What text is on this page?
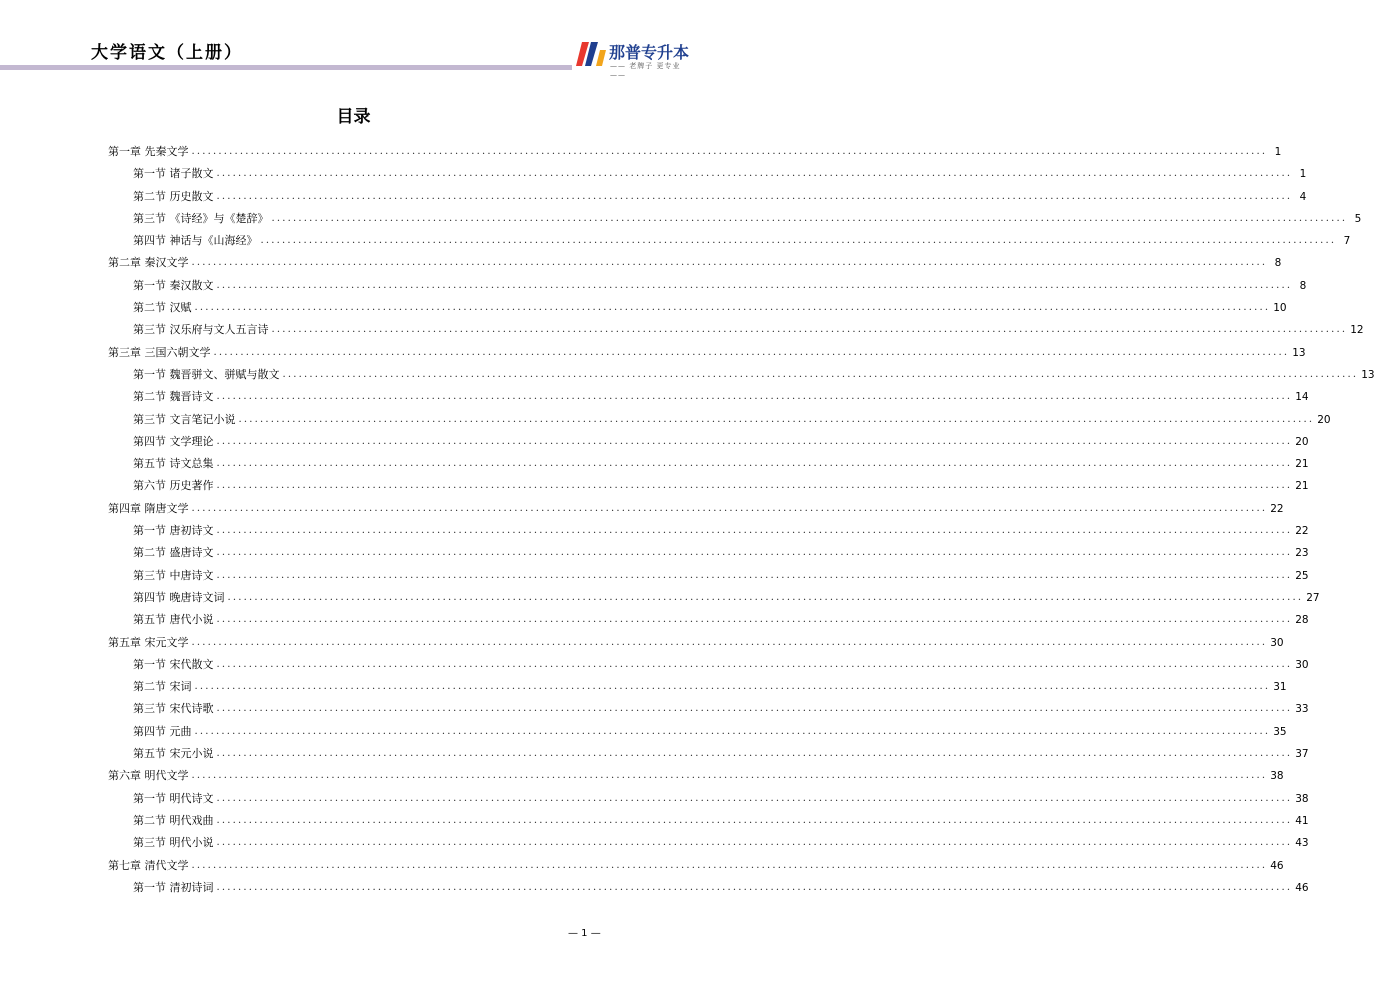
大学语文（上册）	那普专升本
—— 老牌子 更专业 ——
目录
第一章 先秦文学 ........................................................................................................................................................................................................ 1
第一节 诸子散文 ........................................................................................................................................................................................................ 1
第二节 历史散文 ........................................................................................................................................................................................................ 4
第三节 《诗经》与《楚辞》 ........................................................................................................................................................................................................ 5
第四节 神话与《山海经》 ........................................................................................................................................................................................................ 7
第二章 秦汉文学 ........................................................................................................................................................................................................ 8
第一节 秦汉散文 ........................................................................................................................................................................................................ 8
第二节 汉赋 ........................................................................................................................................................................................................ 10
第三节 汉乐府与文人五言诗 ........................................................................................................................................................................................................ 12
第三章 三国六朝文学 ........................................................................................................................................................................................................ 13
第一节 魏晋骈文、骈赋与散文 ........................................................................................................................................................................................................ 13
第二节 魏晋诗文 ........................................................................................................................................................................................................ 14
第三节 文言笔记小说 ........................................................................................................................................................................................................ 20
第四节 文学理论 ........................................................................................................................................................................................................ 20
第五节 诗文总集 ........................................................................................................................................................................................................ 21
第六节 历史著作 ........................................................................................................................................................................................................ 21
第四章 隋唐文学 ........................................................................................................................................................................................................ 22
第一节 唐初诗文 ........................................................................................................................................................................................................ 22
第二节 盛唐诗文 ........................................................................................................................................................................................................ 23
第三节 中唐诗文 ........................................................................................................................................................................................................ 25
第四节 晚唐诗文词 ........................................................................................................................................................................................................ 27
第五节 唐代小说 ........................................................................................................................................................................................................ 28
第五章 宋元文学 ........................................................................................................................................................................................................ 30
第一节 宋代散文 ........................................................................................................................................................................................................ 30
第二节 宋词 ........................................................................................................................................................................................................ 31
第三节 宋代诗歌 ........................................................................................................................................................................................................ 33
第四节 元曲 ........................................................................................................................................................................................................ 35
第五节 宋元小说 ........................................................................................................................................................................................................ 37
第六章 明代文学 ........................................................................................................................................................................................................ 38
第一节 明代诗文 ........................................................................................................................................................................................................ 38
第二节 明代戏曲 ........................................................................................................................................................................................................ 41
第三节 明代小说 ........................................................................................................................................................................................................ 43
第七章 清代文学 ........................................................................................................................................................................................................ 46
第一节 清初诗词 ........................................................................................................................................................................................................ 46
— 1 —
